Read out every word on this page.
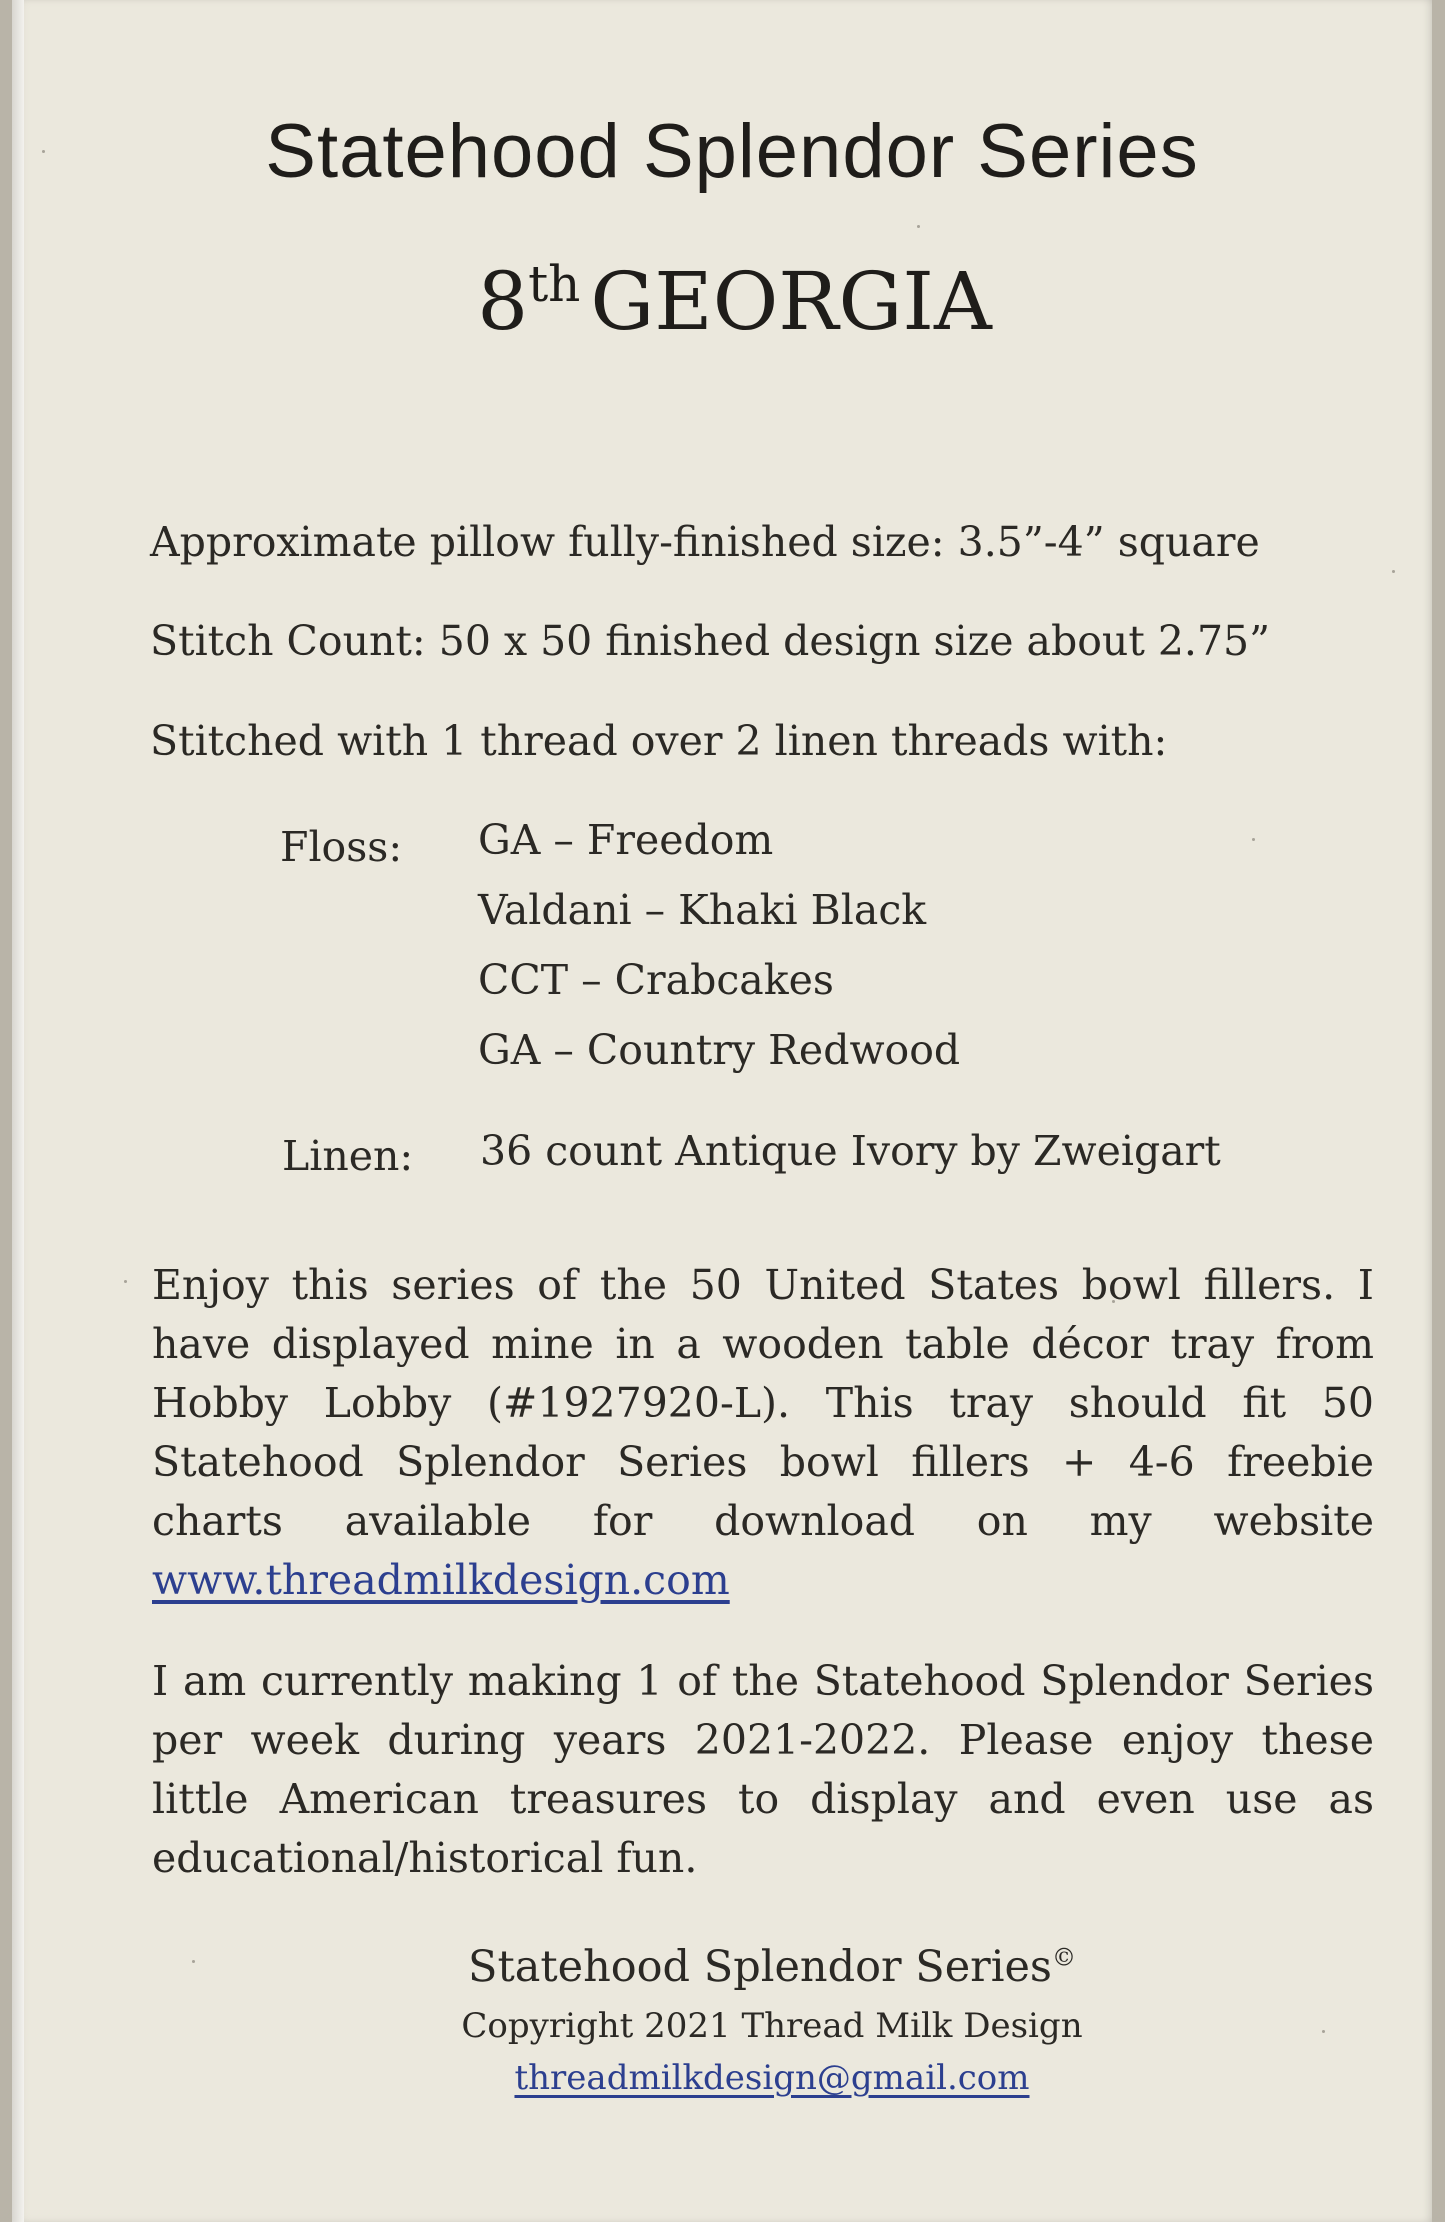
Statehood Splendor Series
8th GEORGIA
Approximate pillow fully-finished size: 3.5”-4” square
Stitch Count: 50 x 50 finished design size about 2.75”
Stitched with 1 thread over 2 linen threads with:
Floss: GA – Freedom
Valdani – Khaki Black
CCT – Crabcakes
GA – Country Redwood
Linen: 36 count Antique Ivory by Zweigart
Enjoy this series of the 50 United States bowl fillers. I have displayed mine in a wooden table décor tray from Hobby Lobby (#1927920-L). This tray should fit 50 Statehood Splendor Series bowl fillers + 4-6 freebie charts available for download on my website www.threadmilkdesign.com
I am currently making 1 of the Statehood Splendor Series per week during years 2021-2022. Please enjoy these little American treasures to display and even use as educational/historical fun.
Statehood Splendor Series©
Copyright 2021 Thread Milk Design
threadmilkdesign@gmail.com
